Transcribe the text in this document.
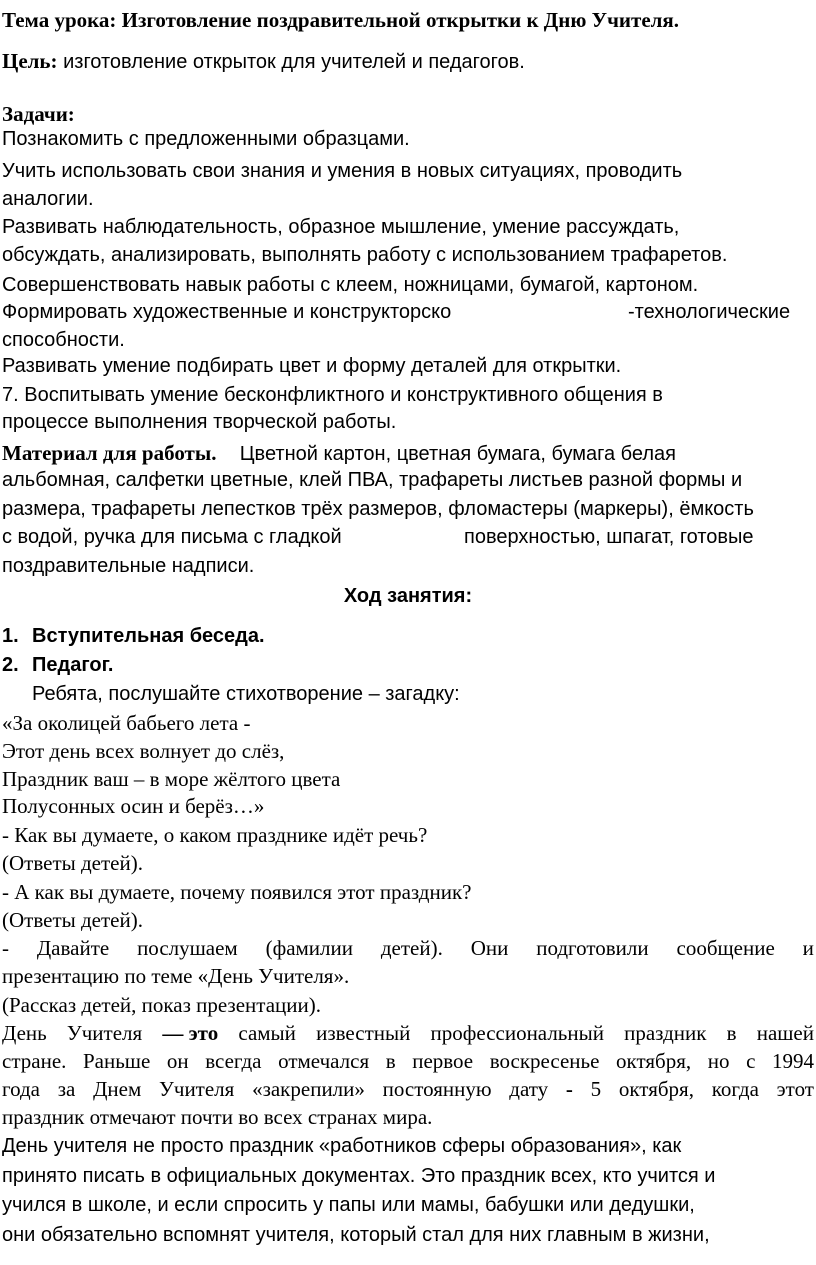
Тема урока: Изготовление поздравительной открытки к Дню Учителя.
Цель: изготовление открыток для учителей и педагогов.
Задачи:
Познакомить с предложенными образцами.
Учить использовать свои знания и умения в новых ситуациях, проводить
аналогии.
Развивать наблюдательность, образное мышление, умение рассуждать,
обсуждать, анализировать, выполнять работу с использованием трафаретов.
Совершенствовать навык работы с клеем, ножницами, бумагой, картоном.
Формировать художественные и конструкторско	-технологические
способности.
Развивать умение подбирать цвет и форму деталей для открытки.
7. Воспитывать умение бесконфликтного и конструктивного общения в
процессе выполнения творческой работы.
Материал для работы. Цветной картон, цветная бумага, бумага белая
альбомная, салфетки цветные, клей ПВА, трафареты листьев разной формы и
размера, трафареты лепестков трёх размеров, фломастеры (маркеры), ёмкость
с водой, ручка для письма с гладкой	поверхностью, шпагат, готовые
поздравительные надписи.
Ход занятия:
1. Вступительная беседа.
2. Педагог.
Ребята, послушайте стихотворение – загадку:
«За околицей бабьего лета -
Этот день всех волнует до слёз,
Праздник ваш – в море жёлтого цвета
Полусонных осин и берёз…»
- Как вы думаете, о каком празднике идёт речь?
(Ответы детей).
- А как вы думаете, почему появился этот праздник?
(Ответы детей).
- Давайте послушаем (фамилии детей). Они подготовили сообщение и
презентацию по теме «День Учителя».
(Рассказ детей, показ презентации).
День Учителя — это самый известный профессиональный праздник в нашей
стране. Раньше он всегда отмечался в первое воскресенье октября, но с 1994
года за Днем Учителя «закрепили» постоянную дату - 5 октября, когда этот
праздник отмечают почти во всех странах мира.
День учителя не просто праздник «работников сферы образования», как
принято писать в официальных документах. Это праздник всех, кто учится и
учился в школе, и если спросить у папы или мамы, бабушки или дедушки,
они обязательно вспомнят учителя, который стал для них главным в жизни,
